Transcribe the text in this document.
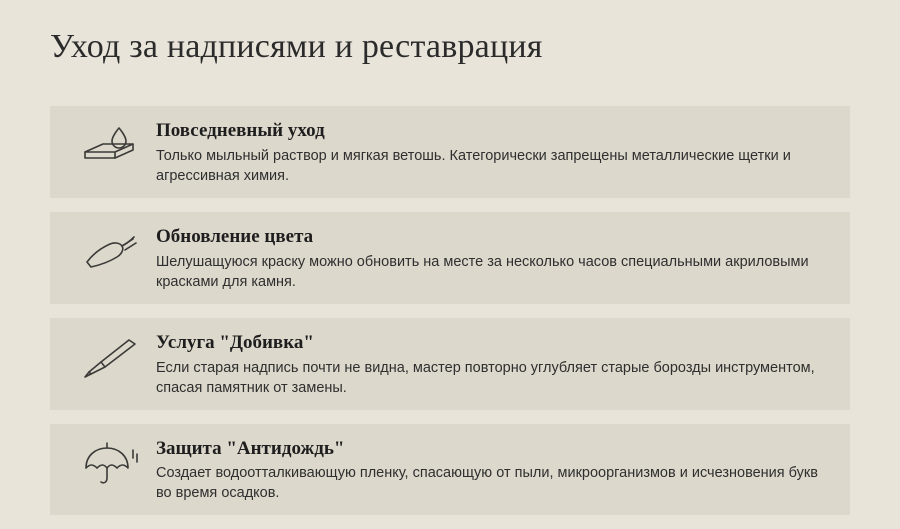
Уход за надписями и реставрация
Повседневный уход
Только мыльный раствор и мягкая ветошь. Категорически запрещены металлические щетки и агрессивная химия.
Обновление цвета
Шелушащуюся краску можно обновить на месте за несколько часов специальными акриловыми красками для камня.
Услуга "Добивка"
Если старая надпись почти не видна, мастер повторно углубляет старые борозды инструментом, спасая памятник от замены.
Защита "Антидождь"
Создает водоотталкивающую пленку, спасающую от пыли, микроорганизмов и исчезновения букв во время осадков.
